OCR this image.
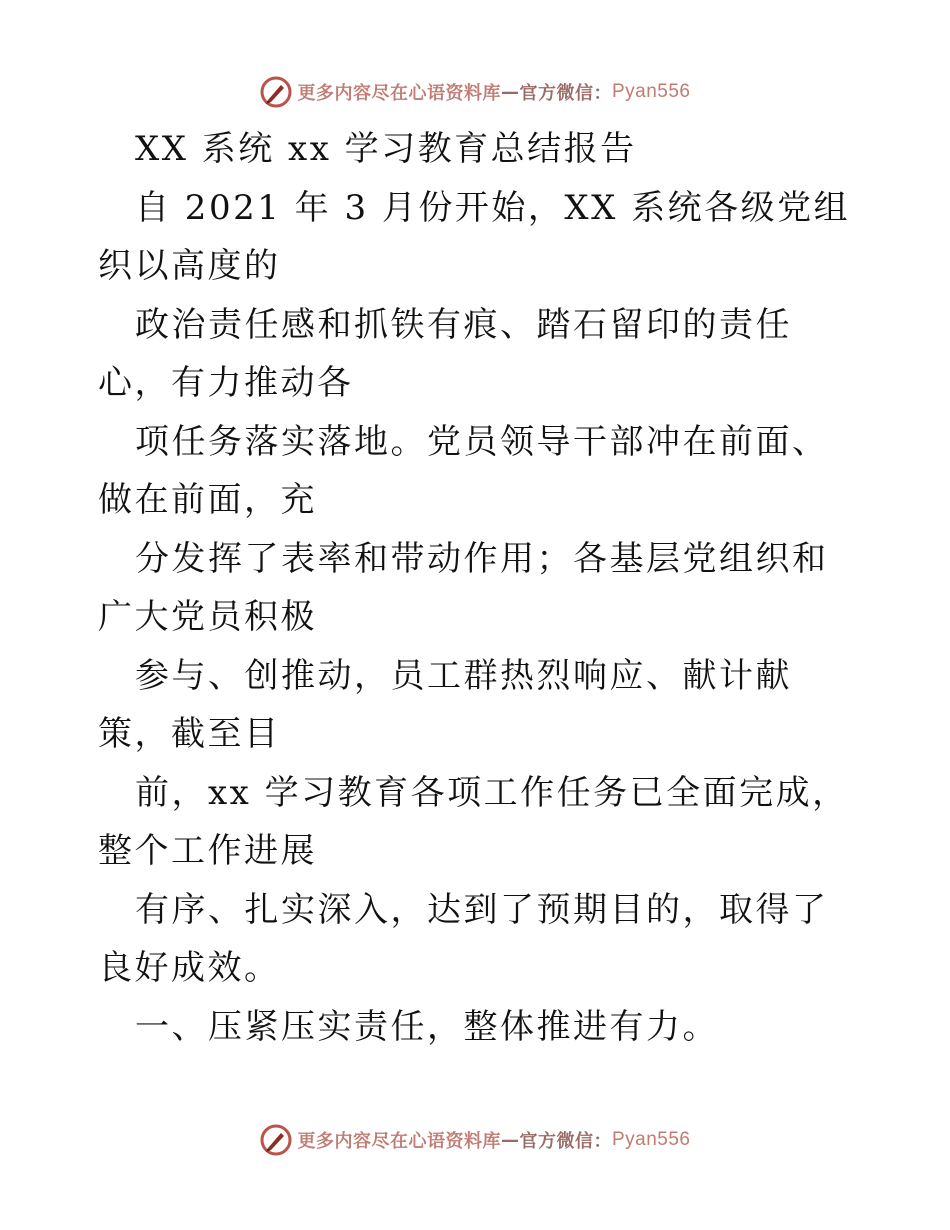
更多内容尽在心语资料库 — 官方微信： Pyan556

XX 系统 xx 学习教育总结报告

自 2021 年 3 月份开始，XX 系统各级党组织以高度的

政治责任感和抓铁有痕、踏石留印的责任心，有力推动各

项任务落实落地。党员领导干部冲在前面、做在前面，充

分发挥了表率和带动作用；各基层党组织和广大党员积极

参与、创推动，员工群热烈响应、献计献策，截至目

前，xx 学习教育各项工作任务已全面完成，整个工作进展

有序、扎实深入，达到了预期目的，取得了良好成效。

一、压紧压实责任，整体推进有力。

更多内容尽在心语资料库 — 官方微信： Pyan556
